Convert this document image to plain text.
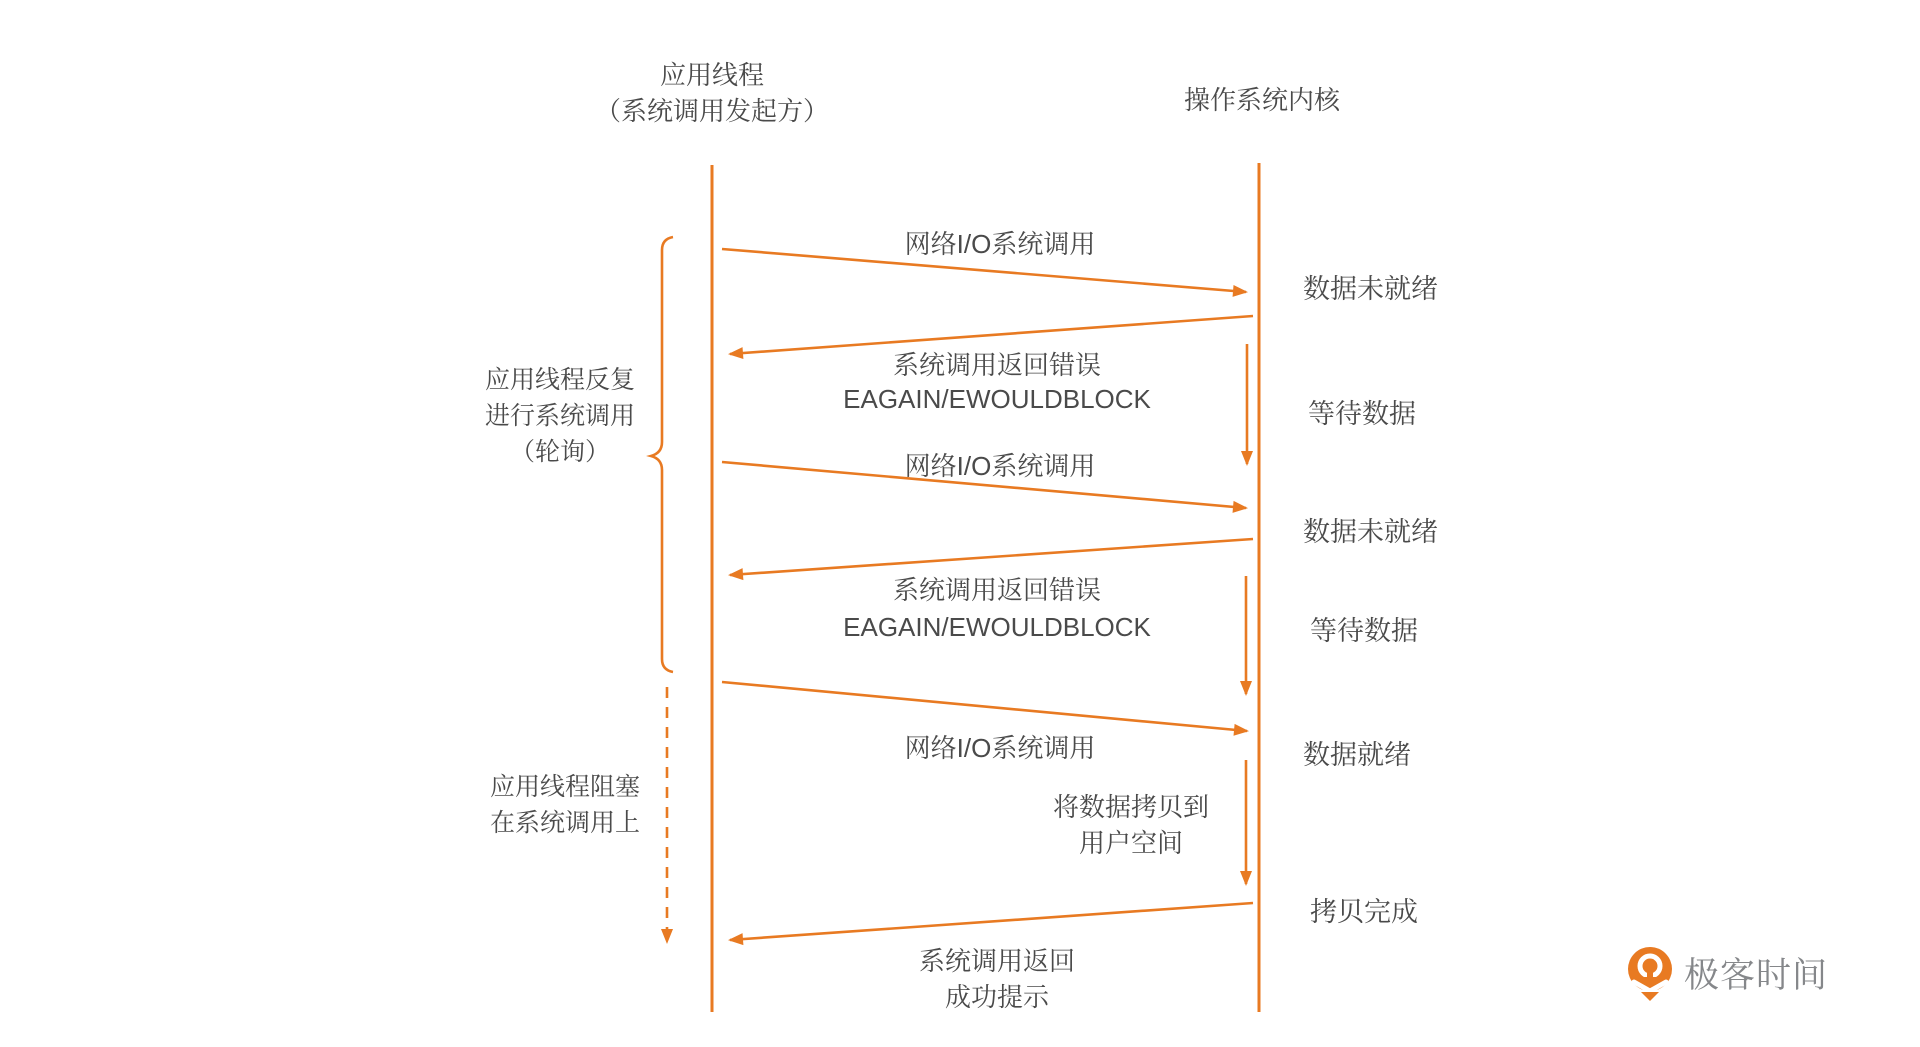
应用线程
（系统调用发起方）	操作系统内核
应用线程反复
进行系统调用
（轮询）
应用线程阻塞
在系统调用上
网络I/O系统调用
数据未就绪
系统调用返回错误
EAGAIN/EWOULDBLOCK	等待数据
网络I/O系统调用
数据未就绪
系统调用返回错误
EAGAIN/EWOULDBLOCK	等待数据
网络I/O系统调用	数据就绪
将数据拷贝到
用户空间
拷贝完成
系统调用返回
成功提示
极客时间
